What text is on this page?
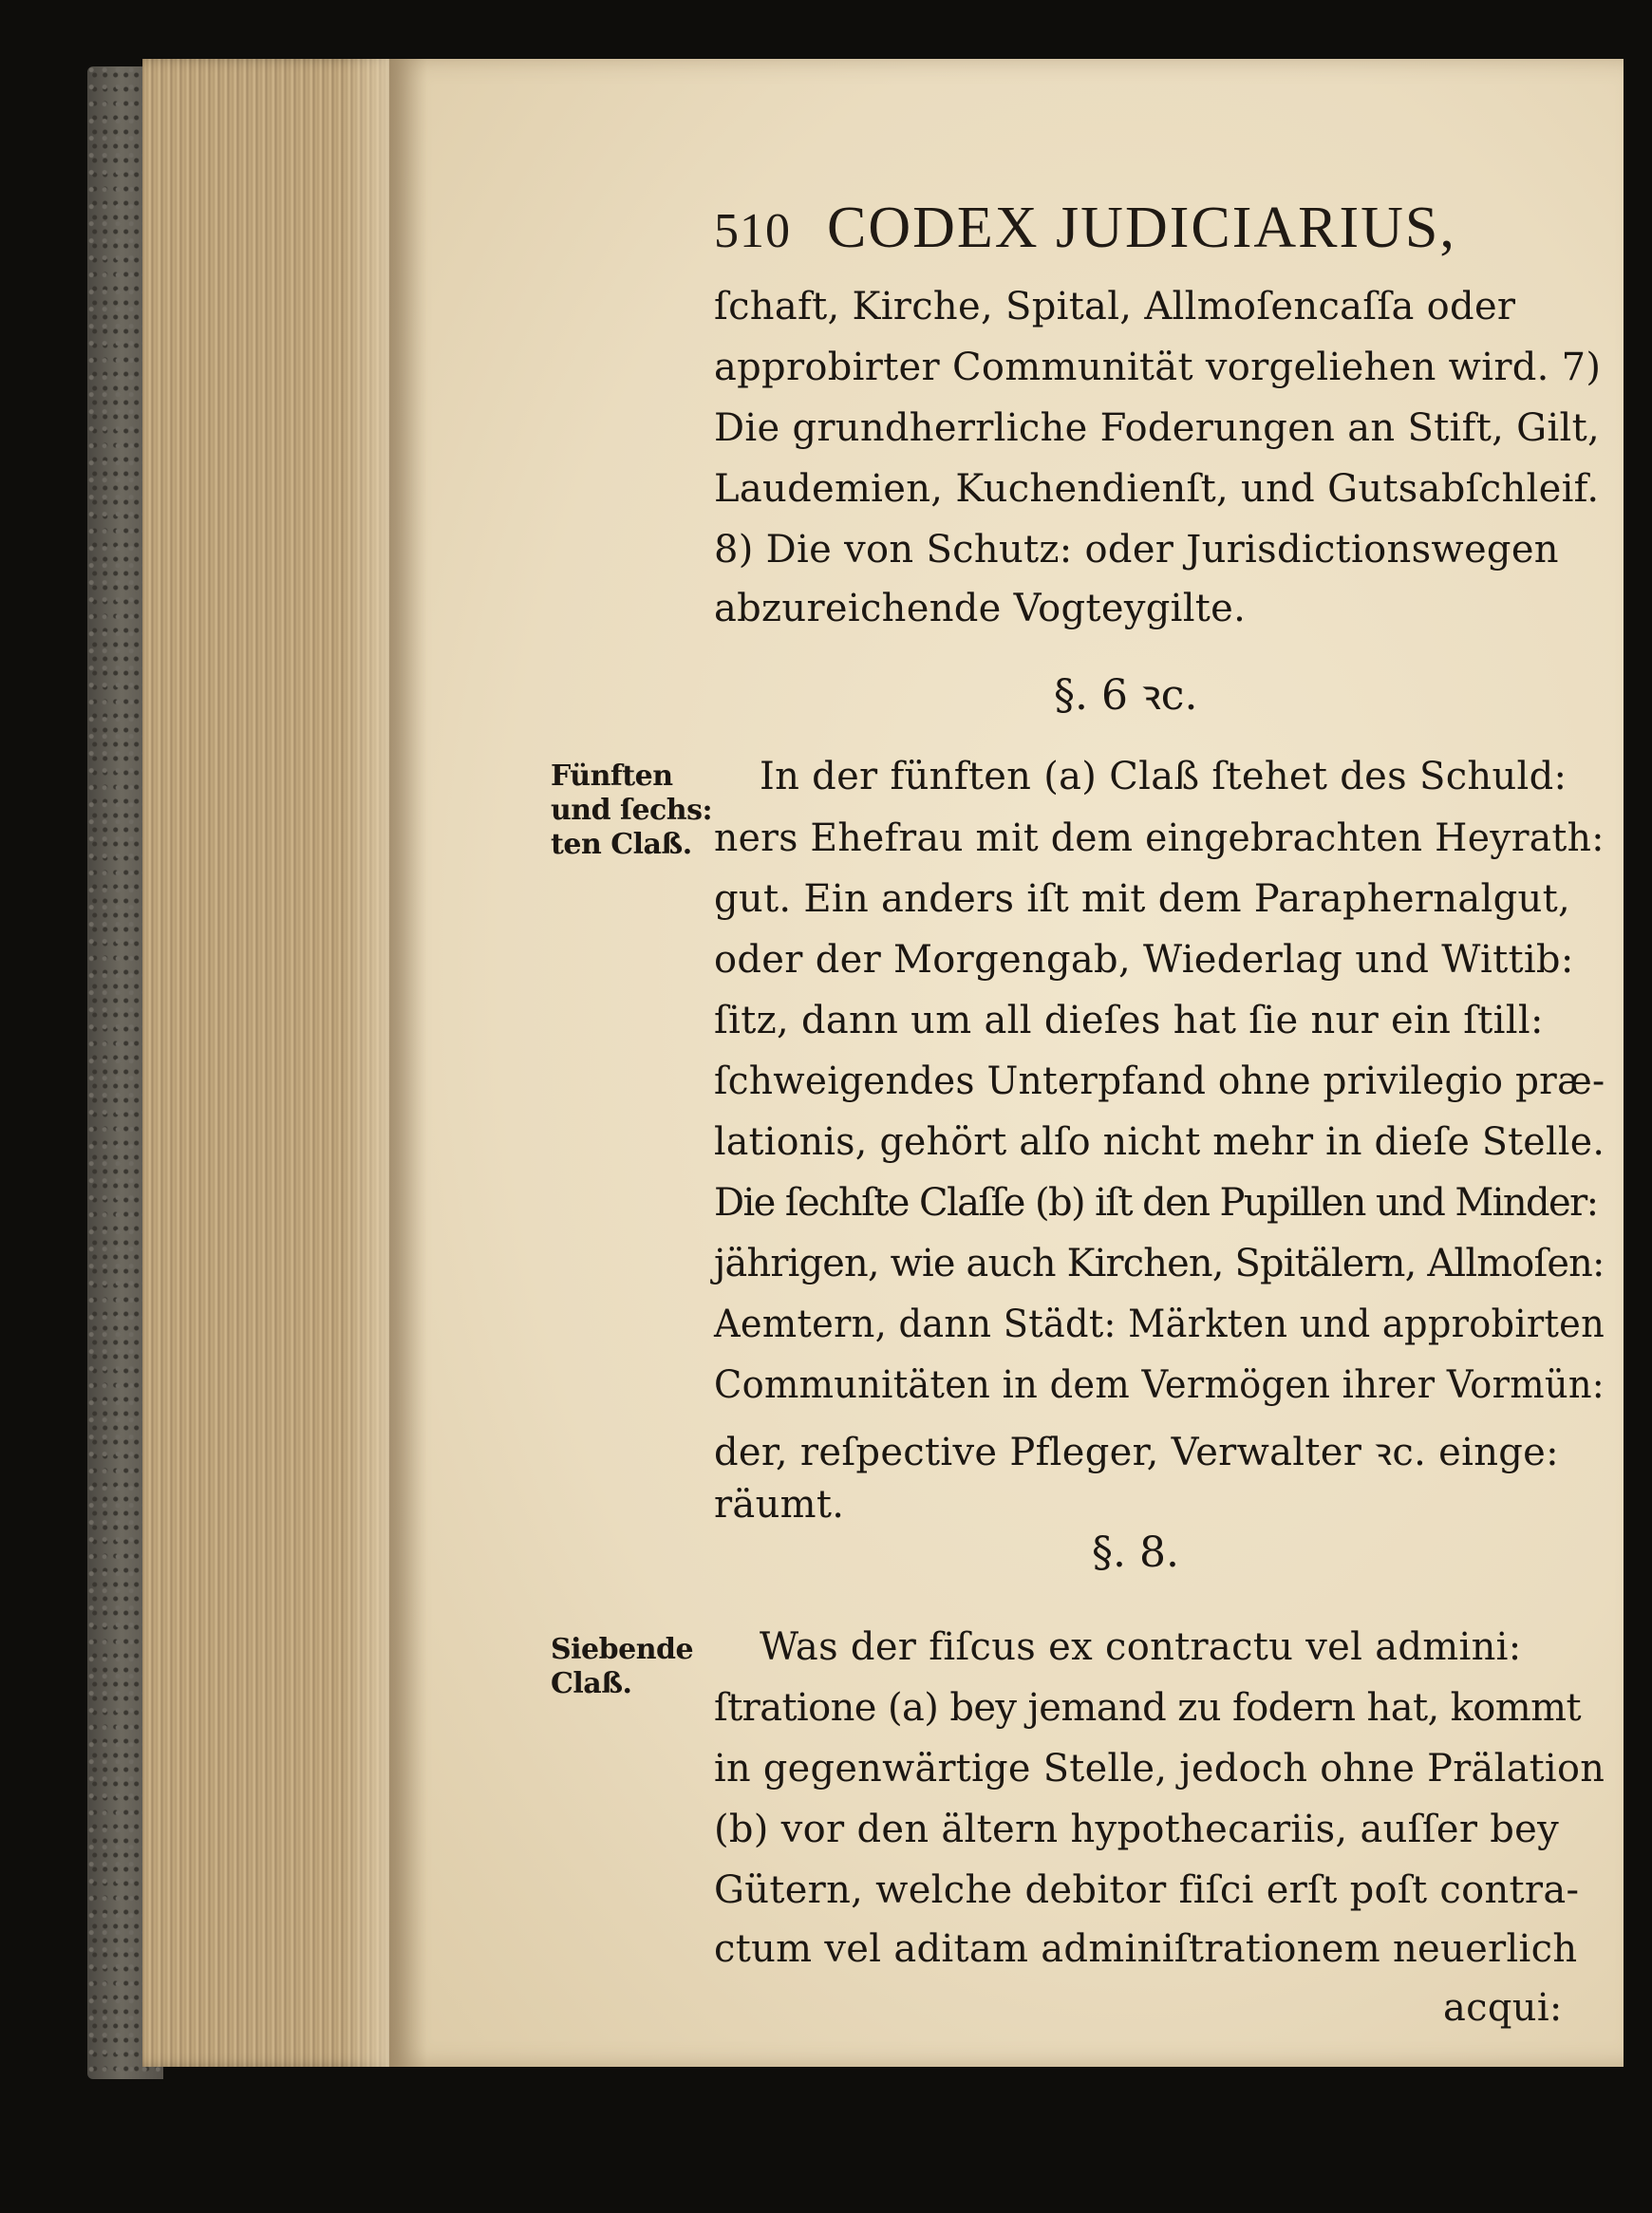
510 CODEX JUDICIARIUS,
ſchaft, Kirche, Spital, Allmoſencaſſa oder
approbirter Communität vorgeliehen wird. 7)
Die grundherrliche Foderungen an Stift, Gilt,
Laudemien, Kuchendienſt, und Gutsabſchleif.
8) Die von Schutz: oder Jurisdictionswegen
abzureichende Vogteygilte.
§. 6 ꝛc.
Fünften
und ſechs:
ten Claß.
In der fünften (a) Claß ſtehet des Schuld:
ners Ehefrau mit dem eingebrachten Heyrath:
gut. Ein anders iſt mit dem Paraphernalgut,
oder der Morgengab, Wiederlag und Wittib:
ſitz, dann um all dieſes hat ſie nur ein ſtill:
ſchweigendes Unterpfand ohne privilegio præ-
lationis, gehört alſo nicht mehr in dieſe Stelle.
Die ſechſte Claſſe (b) iſt den Pupillen und Minder:
jährigen, wie auch Kirchen, Spitälern, Allmoſen:
Aemtern, dann Städt: Märkten und approbirten
Communitäten in dem Vermögen ihrer Vormün:
der, reſpective Pfleger, Verwalter ꝛc. einge:
räumt.
§. 8.
Siebende
Claß.
Was der fiſcus ex contractu vel admini:
ſtratione (a) bey jemand zu fodern hat, kommt
in gegenwärtige Stelle, jedoch ohne Prälation
(b) vor den ältern hypothecariis, auſſer bey
Gütern, welche debitor fiſci erſt poſt contra-
ctum vel aditam adminiſtrationem neuerlich
acqui:
